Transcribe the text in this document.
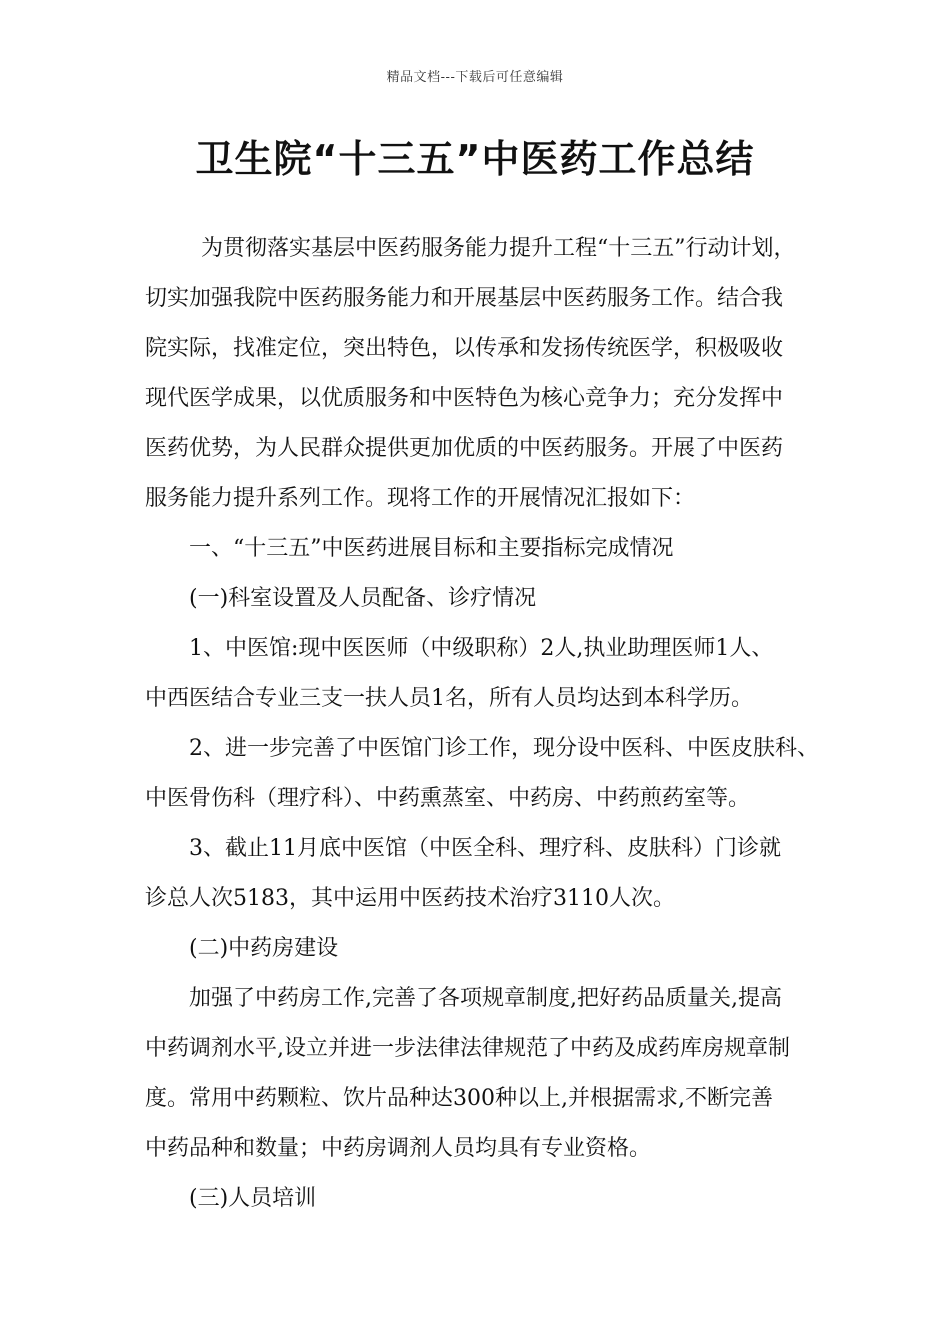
精品文档---下载后可任意编辑
卫生院“十三五”中医药工作总结
为贯彻落实基层中医药服务能力提升工程“十三五”行动计划，
切实加强我院中医药服务能力和开展基层中医药服务工作。结合我
院实际，找准定位，突出特色，以传承和发扬传统医学，积极吸收
现代医学成果，以优质服务和中医特色为核心竞争力；充分发挥中
医药优势，为人民群众提供更加优质的中医药服务。开展了中医药
服务能力提升系列工作。现将工作的开展情况汇报如下：
一、“十三五”中医药进展目标和主要指标完成情况
(一)科室设置及人员配备、诊疗情况
1、中医馆:现中医医师（中级职称）2人,执业助理医师1人、
中西医结合专业三支一扶人员1名，所有人员均达到本科学历。
2、进一步完善了中医馆门诊工作，现分设中医科、中医皮肤科、
中医骨伤科（理疗科）、中药熏蒸室、中药房、中药煎药室等。
3、截止11月底中医馆（中医全科、理疗科、皮肤科）门诊就
诊总人次5183，其中运用中医药技术治疗3110人次。
(二)中药房建设
加强了中药房工作,完善了各项规章制度,把好药品质量关,提高
中药调剂水平,设立并进一步法律法律规范了中药及成药库房规章制
度。常用中药颗粒、饮片品种达300种以上,并根据需求,不断完善
中药品种和数量；中药房调剂人员均具有专业资格。
(三)人员培训
